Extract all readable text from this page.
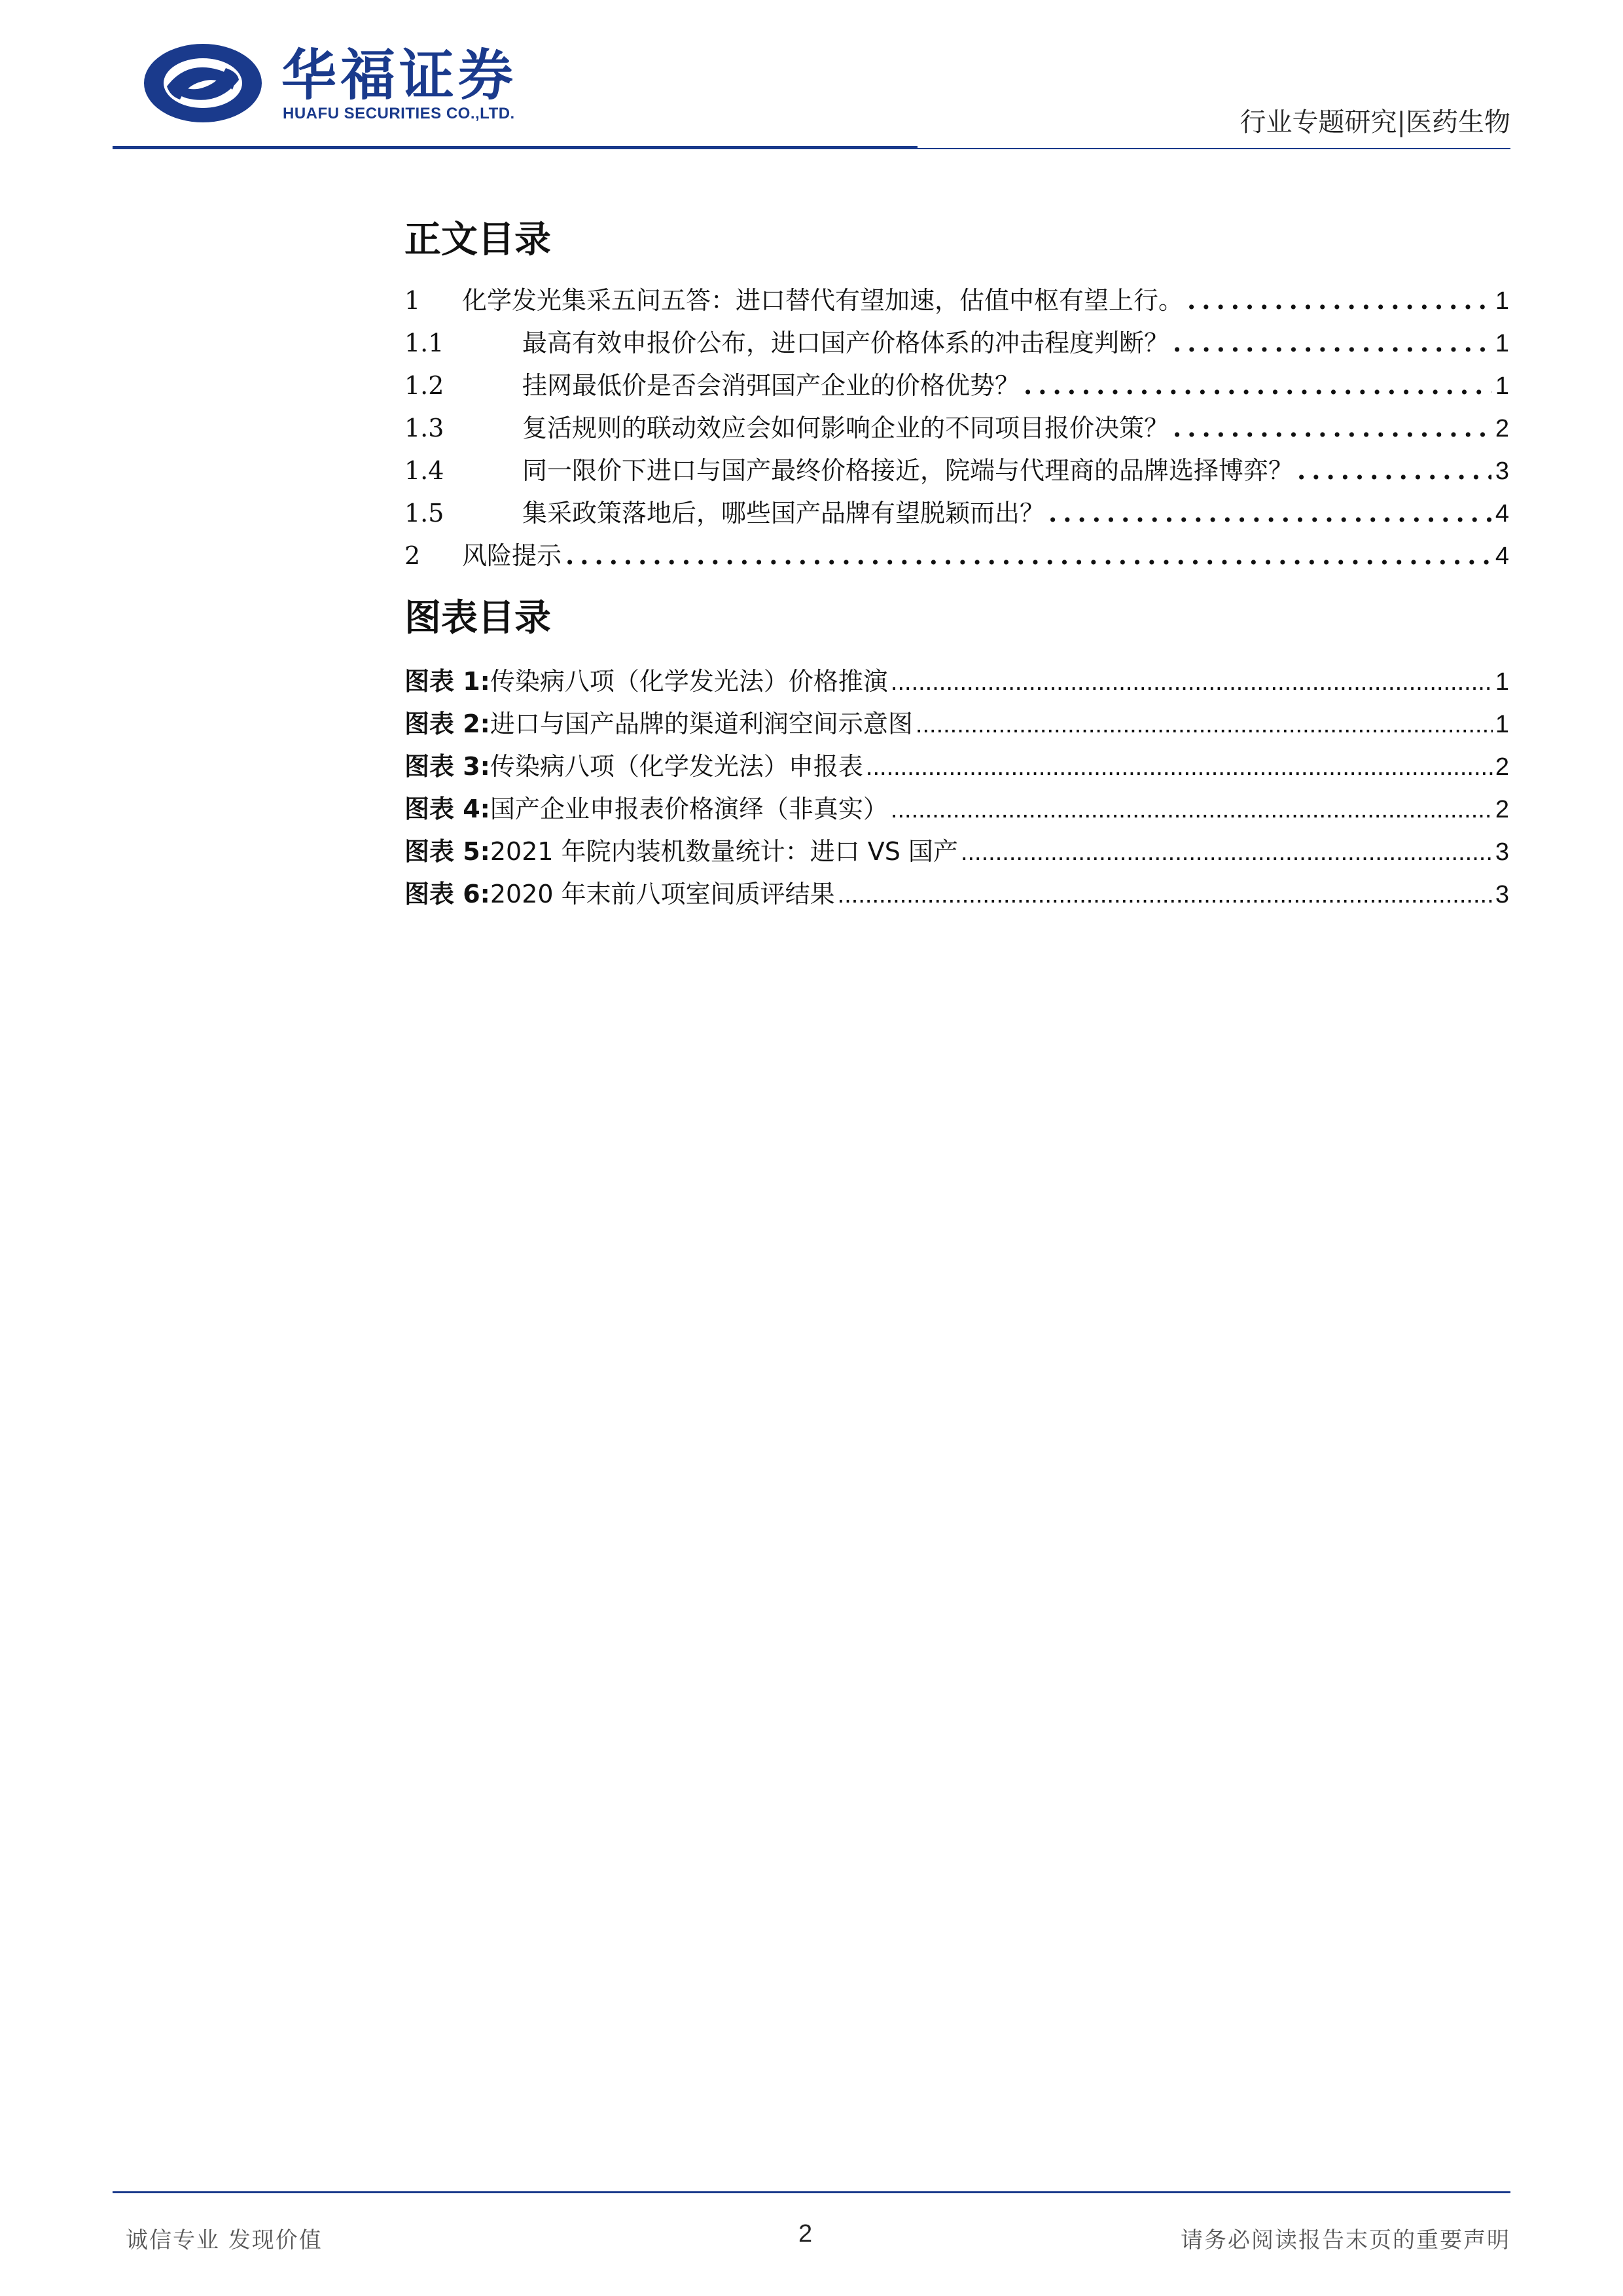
华福证券
HUAFU SECURITIES CO.,LTD.	行业专题研究|医药生物
正文目录
1	化学发光集采五问五答：进口替代有望加速，估值中枢有望上行。 .....	1
1.1	最高有效申报价公布，进口国产价格体系的冲击程度判断？ .....	1
1.2	挂网最低价是否会消弭国产企业的价格优势？ .....	1
1.3	复活规则的联动效应会如何影响企业的不同项目报价决策？ .....	2
1.4	同一限价下进口与国产最终价格接近，院端与代理商的品牌选择博弈？ .....	3
1.5	集采政策落地后，哪些国产品牌有望脱颖而出？ .....	4
2	风险提示 .....	4
图表目录
图表 1: 传染病八项（化学发光法）价格推演 .....	1
图表 2: 进口与国产品牌的渠道利润空间示意图 .....	1
图表 3: 传染病八项（化学发光法）申报表 .....	2
图表 4: 国产企业申报表价格演绎（非真实） .....	2
图表 5: 2021 年院内装机数量统计：进口 VS 国产 .....	3
图表 6: 2020 年末前八项室间质评结果 .....	3
诚信专业 发现价值	2	请务必阅读报告末页的重要声明
